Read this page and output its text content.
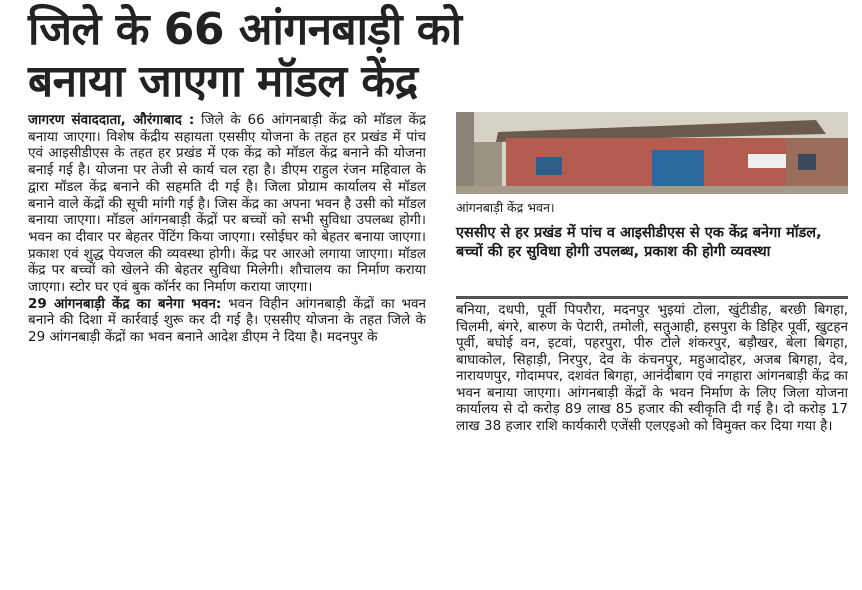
जिले के 66 आंगनबाड़ी को
बनाया जाएगा मॉडल केंद्र

जागरण संवाददाता, औरंगाबाद : जिले के 66 आंगनबाड़ी केंद्र को मॉडल केंद्र बनाया जाएगा। विशेष केंद्रीय सहायता एससीए योजना के तहत हर प्रखंड में पांच एवं आइसीडीएस के तहत हर प्रखंड में एक केंद्र को मॉडल केंद्र बनाने की योजना बनाई गई है। योजना पर तेजी से कार्य चल रहा है। डीएम राहुल रंजन महिवाल के द्वारा मॉडल केंद्र बनाने की सहमति दी गई है। जिला प्रोग्राम कार्यालय से मॉडल बनाने वाले केंद्रों की सूची मांगी गई है। जिस केंद्र का अपना भवन है उसी को मॉडल बनाया जाएगा। मॉडल आंगनबाड़ी केंद्रों पर बच्चों को सभी सुविधा उपलब्ध होगी। भवन का दीवार पर बेहतर पेंटिंग किया जाएगा। रसोईघर को बेहतर बनाया जाएगा। प्रकाश एवं शुद्ध पेयजल की व्यवस्था होगी। केंद्र पर आरओ लगाया जाएगा। मॉडल केंद्र पर बच्चों को खेलने की बेहतर सुविधा मिलेगी। शौचालय का निर्माण कराया जाएगा। स्टोर घर एवं बुक कॉर्नर का निर्माण कराया जाएगा।

29 आंगनबाड़ी केंद्र का बनेगा भवन: भवन विहीन आंगनबाड़ी केंद्रों का भवन बनाने की दिशा में कार्रवाई शुरू कर दी गई है। एससीए योजना के तहत जिले के 29 आंगनबाड़ी केंद्रों का भवन बनाने आदेश डीएम ने दिया है। मदनपुर के

आंगनबाड़ी केंद्र भवन।
एससीए से हर प्रखंड में पांच व आइसीडीएस से एक केंद्र बनेगा मॉडल, बच्चों की हर सुविधा होगी उपलब्ध, प्रकाश की होगी व्यवस्था

बनिया, दधपी, पूर्वी पिपरौरा, मदनपुर भुइयां टोला, खुंटीडीह, बरछी बिगहा, चिलमी, बंगरे, बारुण के पेटारी, तमोली, सतुआही, हसपुरा के डिहिर पूर्वी, खुटहन पूर्वी, बघोई वन, इटवां, पहरपुरा, पीरु टोले शंकरपुर, बड़ौखर, बेला बिगहा, बाघाकोल, सिहाड़ी, निरपुर, देव के कंचनपुर, महुआदोहर, अजब बिगहा, देव, नारायणपुर, गोदामपर, दशवंत बिगहा, आनंदीबाग एवं नगहारा आंगनबाड़ी केंद्र का भवन बनाया जाएगा। आंगनबाड़ी केंद्रों के भवन निर्माण के लिए जिला योजना कार्यालय से दो करोड़ 89 लाख 85 हजार की स्वीकृति दी गई है। दो करोड़ 17 लाख 38 हजार राशि कार्यकारी एजेंसी एलएइओ को विमुक्त कर दिया गया है।
